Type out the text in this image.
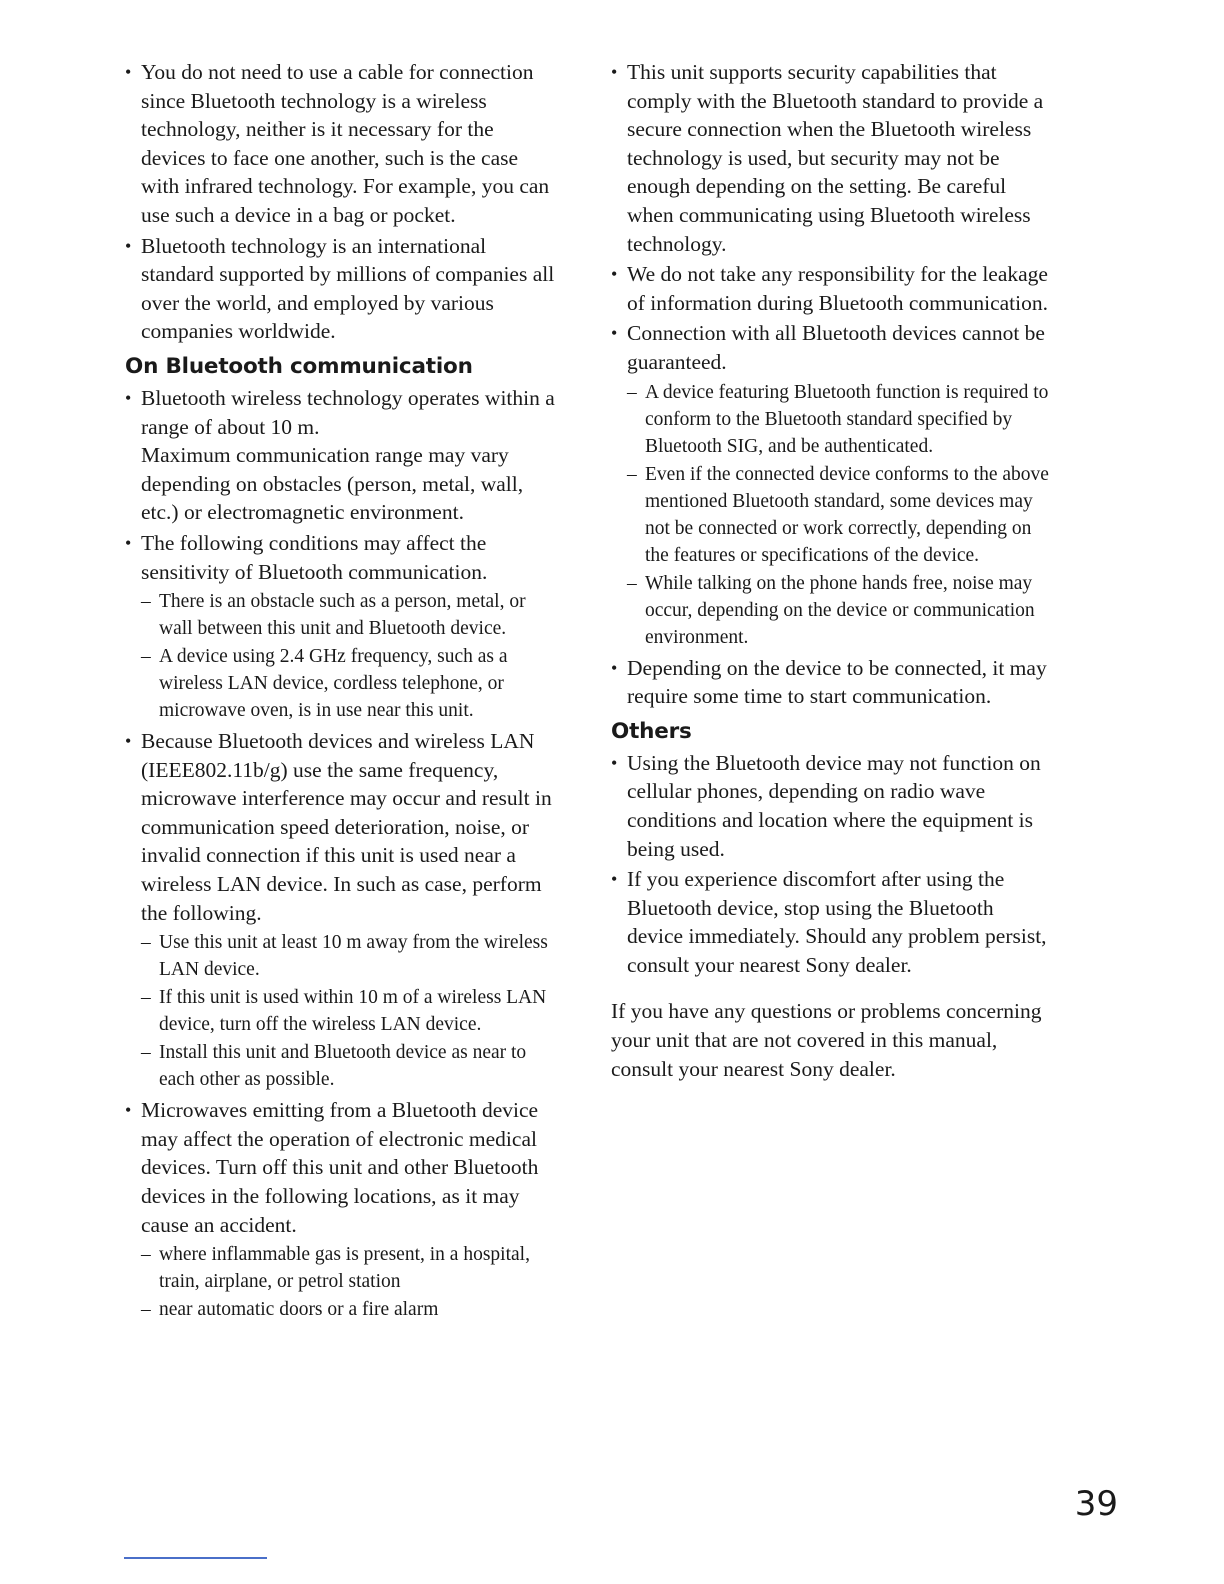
• You do not need to use a cable for connection since Bluetooth technology is a wireless technology, neither is it necessary for the devices to face one another, such is the case with infrared technology. For example, you can use such a device in a bag or pocket.
• Bluetooth technology is an international standard supported by millions of companies all over the world, and employed by various companies worldwide.
On Bluetooth communication
• Bluetooth wireless technology operates within a range of about 10 m.
Maximum communication range may vary depending on obstacles (person, metal, wall, etc.) or electromagnetic environment.
• The following conditions may affect the sensitivity of Bluetooth communication.
– There is an obstacle such as a person, metal, or wall between this unit and Bluetooth device.
– A device using 2.4 GHz frequency, such as a wireless LAN device, cordless telephone, or microwave oven, is in use near this unit.
• Because Bluetooth devices and wireless LAN (IEEE802.11b/g) use the same frequency, microwave interference may occur and result in communication speed deterioration, noise, or invalid connection if this unit is used near a wireless LAN device. In such as case, perform the following.
– Use this unit at least 10 m away from the wireless LAN device.
– If this unit is used within 10 m of a wireless LAN device, turn off the wireless LAN device.
– Install this unit and Bluetooth device as near to each other as possible.
• Microwaves emitting from a Bluetooth device may affect the operation of electronic medical devices. Turn off this unit and other Bluetooth devices in the following locations, as it may cause an accident.
– where inflammable gas is present, in a hospital, train, airplane, or petrol station
– near automatic doors or a fire alarm
• This unit supports security capabilities that comply with the Bluetooth standard to provide a secure connection when the Bluetooth wireless technology is used, but security may not be enough depending on the setting. Be careful when communicating using Bluetooth wireless technology.
• We do not take any responsibility for the leakage of information during Bluetooth communication.
• Connection with all Bluetooth devices cannot be guaranteed.
– A device featuring Bluetooth function is required to conform to the Bluetooth standard specified by Bluetooth SIG, and be authenticated.
– Even if the connected device conforms to the above mentioned Bluetooth standard, some devices may not be connected or work correctly, depending on the features or specifications of the device.
– While talking on the phone hands free, noise may occur, depending on the device or communication environment.
• Depending on the device to be connected, it may require some time to start communication.
Others
• Using the Bluetooth device may not function on cellular phones, depending on radio wave conditions and location where the equipment is being used.
• If you experience discomfort after using the Bluetooth device, stop using the Bluetooth device immediately. Should any problem persist, consult your nearest Sony dealer.

If you have any questions or problems concerning your unit that are not covered in this manual, consult your nearest Sony dealer.

39
